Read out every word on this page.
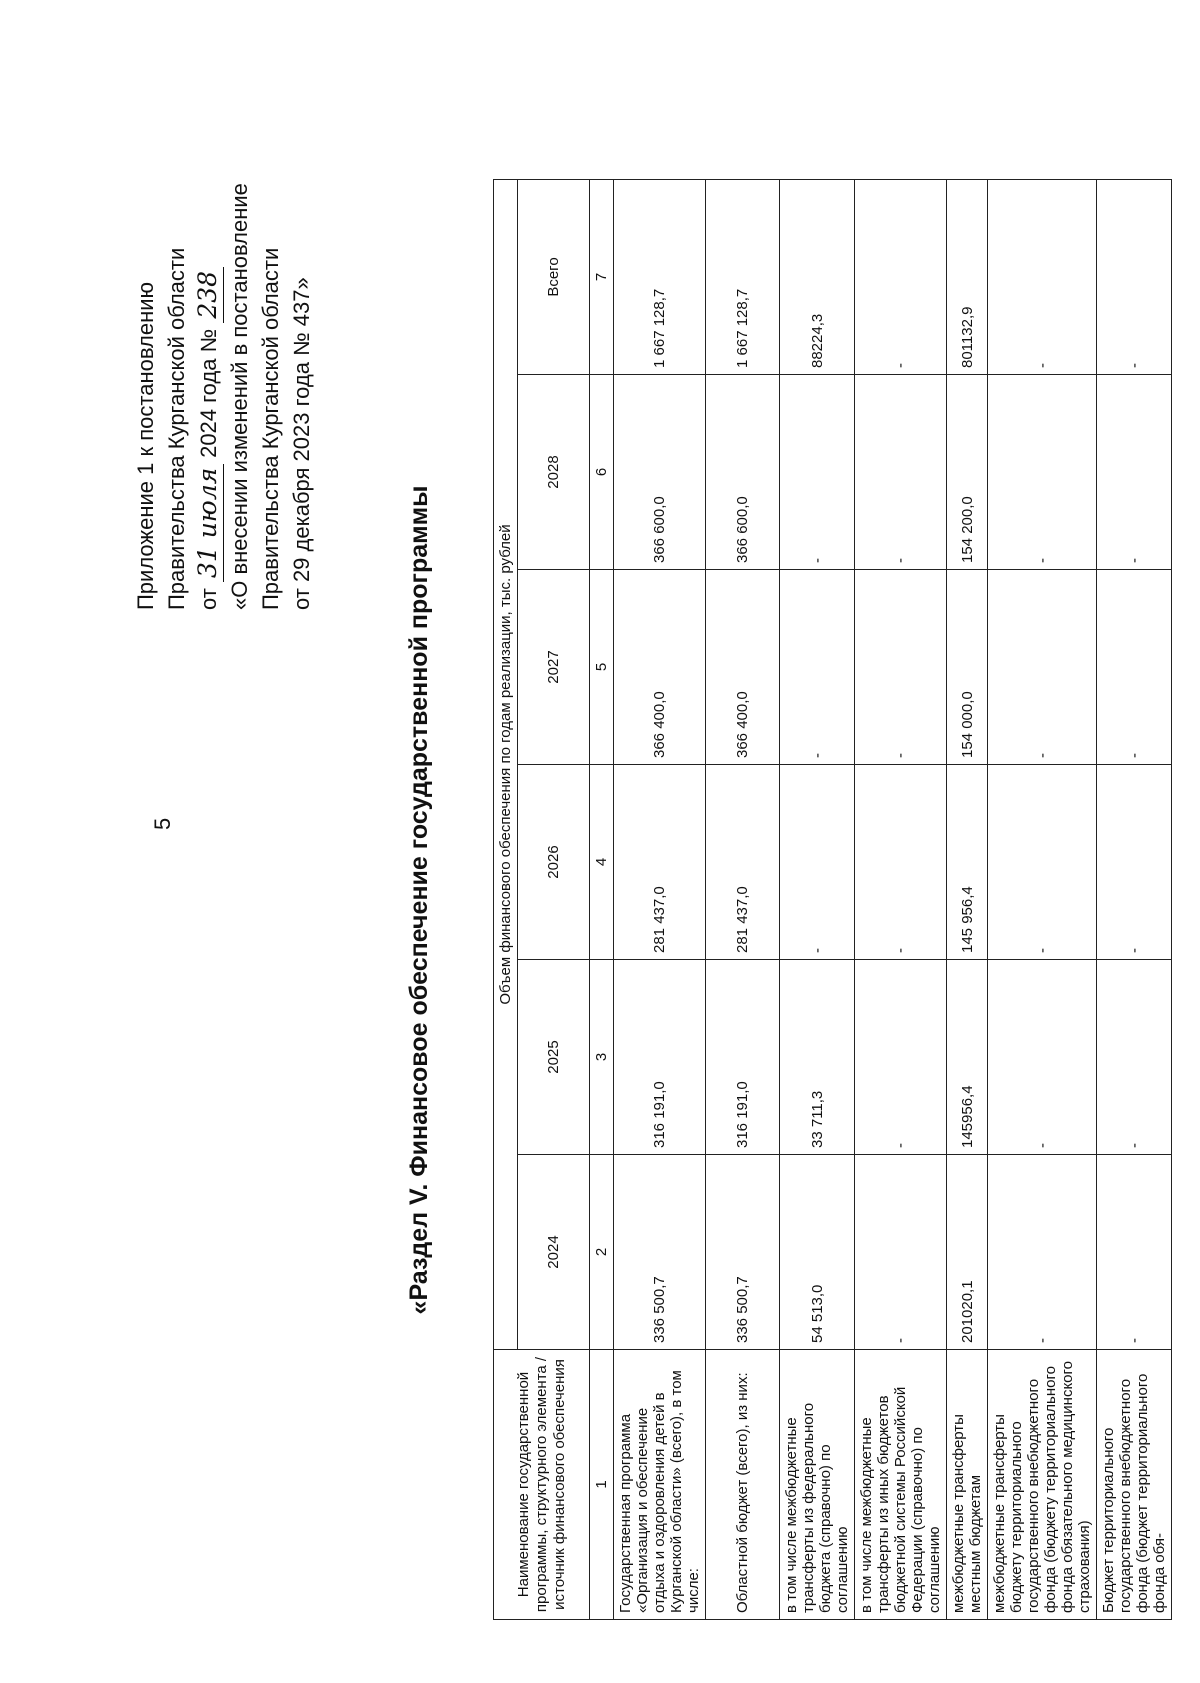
5
Приложение 1 к постановлению Правительства Курганской области от 31 июля 2024 года № 238 «О внесении изменений в постановление Правительства Курганской области от 29 декабря 2023 года № 437»
«Раздел V. Финансовое обеспечение государственной программы
Наименование государственной программы, структурного элемента / источник финансового обеспечения	Объем финансового обеспечения по годам реализации, тыс. рублей					
	2024	2025	2026	2027	2028	Всего
1	2	3	4	5	6	7
Государственная программа «Организация и обеспечение отдыха и оздоровления детей в Курганской области» (всего), в том числе:	336 500,7	316 191,0	281 437,0	366 400,0	366 600,0	1 667 128,7
Областной бюджет (всего), из них:	336 500,7	316 191,0	281 437,0	366 400,0	366 600,0	1 667 128,7
в том числе межбюджетные трансферты из федерального бюджета (справочно) по соглашению	54 513,0	33 711,3	-	-	-	88224,3
в том числе межбюджетные трансферты из иных бюджетов бюджетной системы Российской Федерации (справочно) по соглашению	-	-	-	-	-	-
межбюджетные трансферты местным бюджетам	201020,1	145956,4	145 956,4	154 000,0	154 200,0	801132,9
межбюджетные трансферты бюджету территориального государственного внебюджетного фонда (бюджету территориального фонда обязательного медицинского страхования)	-	-	-	-	-	-
Бюджет территориального государственного внебюджетного фонда (бюджет территориального фонда обя-	-	-	-	-	-	-
